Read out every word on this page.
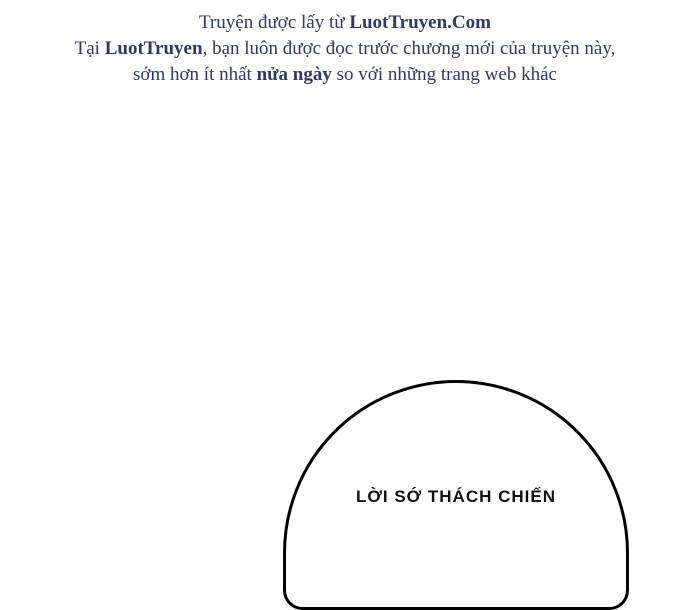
Truyện được lấy từ LuotTruyen.Com
Tại LuotTruyen, bạn luôn được đọc trước chương mới của truyện này,
sớm hơn ít nhất nửa ngày so với những trang web khác
LỜI SỚ THÁCH CHIẾN
